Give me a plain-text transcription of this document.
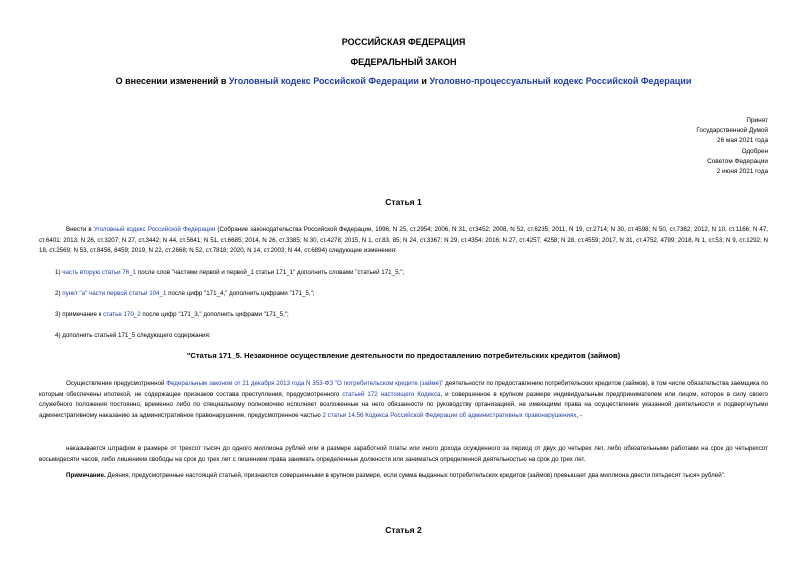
РОССИЙСКАЯ ФЕДЕРАЦИЯ
ФЕДЕРАЛЬНЫЙ ЗАКОН
О внесении изменений в Уголовный кодекс Российской Федерации и Уголовно-процессуальный кодекс Российской Федерации
Принят
Государственной Думой
26 мая 2021 года
Одобрен
Советом Федерации
2 июня 2021 года
Статья 1
Внести в Уголовный кодекс Российской Федерации (Собрание законодательства Российской Федерации, 1996, N 25, ст.2954; 2006, N 31, ст3452; 2008, N 52, ст.6235; 2011, N 19, ст.2714; N 30, ст.4598; N 50, ст.7362; 2012, N 10, ст.1166; N 47, ст.6401; 2013, N 26, ст.3207; N 27, ст.3442; N 44, ст.5641; N 51, ст.6685; 2014, N 26, ст.3385; N 30, ст.4278; 2015, N 1, ст.83, 85; N 24, ст.3367; N 29, ст.4354; 2016; N 27, ст.4257, 4258; N 28, ст.4559; 2017, N 31, ст.4752, 4799; 2018, N 1, ст.53; N 9, ст.1292; N 18, ст.2569; N 53, ст.8456, 8459; 2019, N 22, ст.2668; N 52, ст.7818; 2020, N 14, ст.2003; N 44, ст.6894) следующие изменения:
1) часть вторую статьи 76_1 после слов "частями первой и первой_1 статьи 171_1" дополнить словами "статьей 171_5,";
2) пункт "а" части первой статьи 104_1 после цифр "171_4," дополнить цифрами "171_5,";
3) примечание к статье 170_2 после цифр "171_3," дополнить цифрами "171_5,";
4) дополнить статьей 171_5 следующего содержания:
"Статья 171_5. Незаконное осуществление деятельности по предоставлению потребительских кредитов (займов)
Осуществление предусмотренной Федеральным законом от 21 декабря 2013 года N 353-ФЗ "О потребительском кредите (займе)" деятельности по предоставлению потребительских кредитов (займов), в том числе обязательства заемщика по которым обеспечены ипотекой, не содержащее признаков состава преступления, предусмотренного статьей 172 настоящего Кодекса, и совершенное в крупном размере индивидуальным предпринимателем или лицом, которое в силу своего служебного положения постоянно, временно либо по специальному полномочию исполняет возложенные на него обязанности по руководству организацией, не имеющими права на осуществление указанной деятельности и подвергнутыми административному наказанию за административное правонарушение, предусмотренное частью 2 статьи 14.56 Кодекса Российской Федерации об административных правонарушениях, -
наказывается штрафом в размере от трехсот тысяч до одного миллиона рублей или в размере заработной платы или иного дохода осужденного за период от двух до четырех лет, либо обязательными работами на срок до четырехсот восьмидесяти часов, либо лишением свободы на срок до трех лет с лишением права занимать определенные должности или заниматься определенной деятельностью на срок до трех лет.
Примечание. Деяния, предусмотренные настоящей статьей, признаются совершенными в крупном размере, если сумма выданных потребительских кредитов (займов) превышает два миллиона двести пятьдесят тысяч рублей".
Статья 2
